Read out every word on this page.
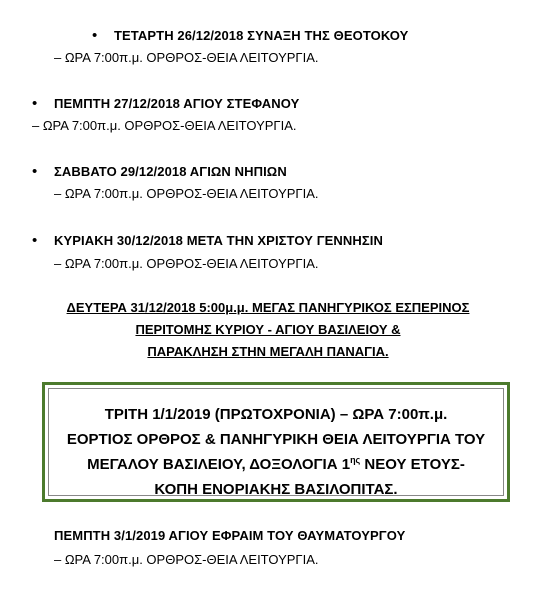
• ΤΕΤΑΡΤΗ 26/12/2018 ΣΥΝΑΞΗ ΤΗΣ ΘΕΟΤΟΚΟΥ
– ΩΡΑ 7:00π.μ. ΟΡΘΡΟΣ-ΘΕΙΑ ΛΕΙΤΟΥΡΓΙΑ.
• ΠΕΜΠΤΗ 27/12/2018 ΑΓΙΟΥ ΣΤΕΦΑΝΟΥ
– ΩΡΑ 7:00π.μ. ΟΡΘΡΟΣ-ΘΕΙΑ ΛΕΙΤΟΥΡΓΙΑ.
• ΣΑΒΒΑΤΟ 29/12/2018 ΑΓΙΩΝ ΝΗΠΙΩΝ
– ΩΡΑ 7:00π.μ. ΟΡΘΡΟΣ-ΘΕΙΑ ΛΕΙΤΟΥΡΓΙΑ.
• ΚΥΡΙΑΚΗ 30/12/2018 ΜΕΤΑ ΤΗΝ ΧΡΙΣΤΟΥ ΓΕΝΝΗΣΙΝ
– ΩΡΑ 7:00π.μ. ΟΡΘΡΟΣ-ΘΕΙΑ ΛΕΙΤΟΥΡΓΙΑ.
ΔΕΥΤΕΡΑ 31/12/2018 5:00μ.μ. ΜΕΓΑΣ ΠΑΝΗΓΥΡΙΚΟΣ ΕΣΠΕΡΙΝΟΣ
ΠΕΡΙΤΟΜΗΣ ΚΥΡΙΟΥ - ΑΓΙΟΥ ΒΑΣΙΛΕΙΟΥ &
ΠΑΡΑΚΛΗΣΗ ΣΤΗΝ ΜΕΓΑΛΗ ΠΑΝΑΓΙΑ.
ΤΡΙΤΗ 1/1/2019 (ΠΡΩΤΟΧΡΟΝΙΑ) – ΩΡΑ 7:00π.μ.
ΕΟΡΤΙΟΣ ΟΡΘΡΟΣ & ΠΑΝΗΓΥΡΙΚΗ ΘΕΙΑ ΛΕΙΤΟΥΡΓΙΑ ΤΟΥ
ΜΕΓΑΛΟΥ ΒΑΣΙΛΕΙΟΥ, ΔΟΞΟΛΟΓΙΑ $1^{\eta\varsigma}$ ΝΕΟΥ ΕΤΟΥΣ-
ΚΟΠΗ ΕΝΟΡΙΑΚΗΣ ΒΑΣΙΛΟΠΙΤΑΣ.
ΠΕΜΠΤΗ 3/1/2019 ΑΓΙΟΥ ΕΦΡΑΙΜ ΤΟΥ ΘΑΥΜΑΤΟΥΡΓΟΥ
– ΩΡΑ 7:00π.μ. ΟΡΘΡΟΣ-ΘΕΙΑ ΛΕΙΤΟΥΡΓΙΑ.
